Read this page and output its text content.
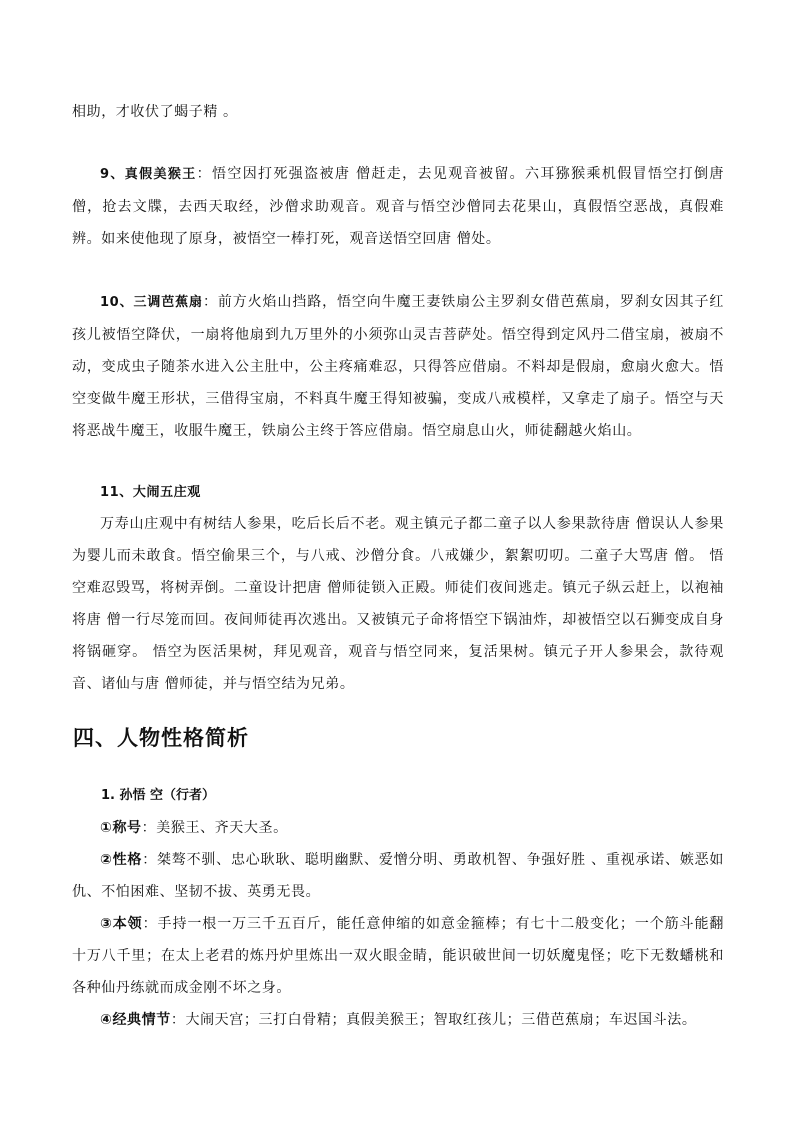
相助，才收伏了蝎子精 。

9、真假美猴王：悟空因打死强盗被唐 僧赶走，去见观音被留。六耳猕猴乘机假冒悟空打倒唐 僧，抢去文牒，去西天取经，沙僧求助观音。观音与悟空沙僧同去花果山，真假悟空恶战，真假难辨。如来使他现了原身，被悟空一棒打死，观音送悟空回唐 僧处。

10、三调芭蕉扇：前方火焰山挡路，悟空向牛魔王妻铁扇公主罗刹女借芭蕉扇，罗刹女因其子红孩儿被悟空降伏，一扇将他扇到九万里外的小须弥山灵吉菩萨处。悟空得到定风丹二借宝扇，被扇不动，变成虫子随茶水进入公主肚中，公主疼痛难忍，只得答应借扇。不料却是假扇，愈扇火愈大。悟空变做牛魔王形状，三借得宝扇，不料真牛魔王得知被骗，变成八戒模样，又拿走了扇子。悟空与天将恶战牛魔王，收服牛魔王，铁扇公主终于答应借扇。悟空扇息山火，师徒翻越火焰山。

11、大闹五庄观

万寿山庄观中有树结人参果，吃后长后不老。观主镇元子都二童子以人参果款待唐 僧误认人参果为婴儿而未敢食。悟空偷果三个，与八戒、沙僧分食。八戒嫌少，絮絮叨叨。二童子大骂唐 僧。 悟空难忍毁骂，将树弄倒。二童设计把唐 僧师徒锁入正殿。师徒们夜间逃走。镇元子纵云赶上，以袍袖将唐 僧一行尽笼而回。夜间师徒再次逃出。又被镇元子命将悟空下锅油炸，却被悟空以石狮变成自身将锅砸穿。 悟空为医活果树，拜见观音，观音与悟空同来，复活果树。镇元子开人参果会，款待观音、诸仙与唐 僧师徒，并与悟空结为兄弟。

四、人物性格简析

1. 孙悟 空（行者）

①称号：美猴王、齐天大圣。

②性格：桀骜不驯、忠心耿耿、聪明幽默、爱憎分明、勇敢机智、争强好胜 、重视承诺、嫉恶如仇、不怕困难、坚韧不拔、英勇无畏。

③本领：手持一根一万三千五百斤，能任意伸缩的如意金箍棒；有七十二般变化；一个筋斗能翻十万八千里；在太上老君的炼丹炉里炼出一双火眼金睛，能识破世间一切妖魔鬼怪；吃下无数蟠桃和各种仙丹练就而成金刚不坏之身。

④经典情节：大闹天宫；三打白骨精；真假美猴王；智取红孩儿；三借芭蕉扇；车迟国斗法。
